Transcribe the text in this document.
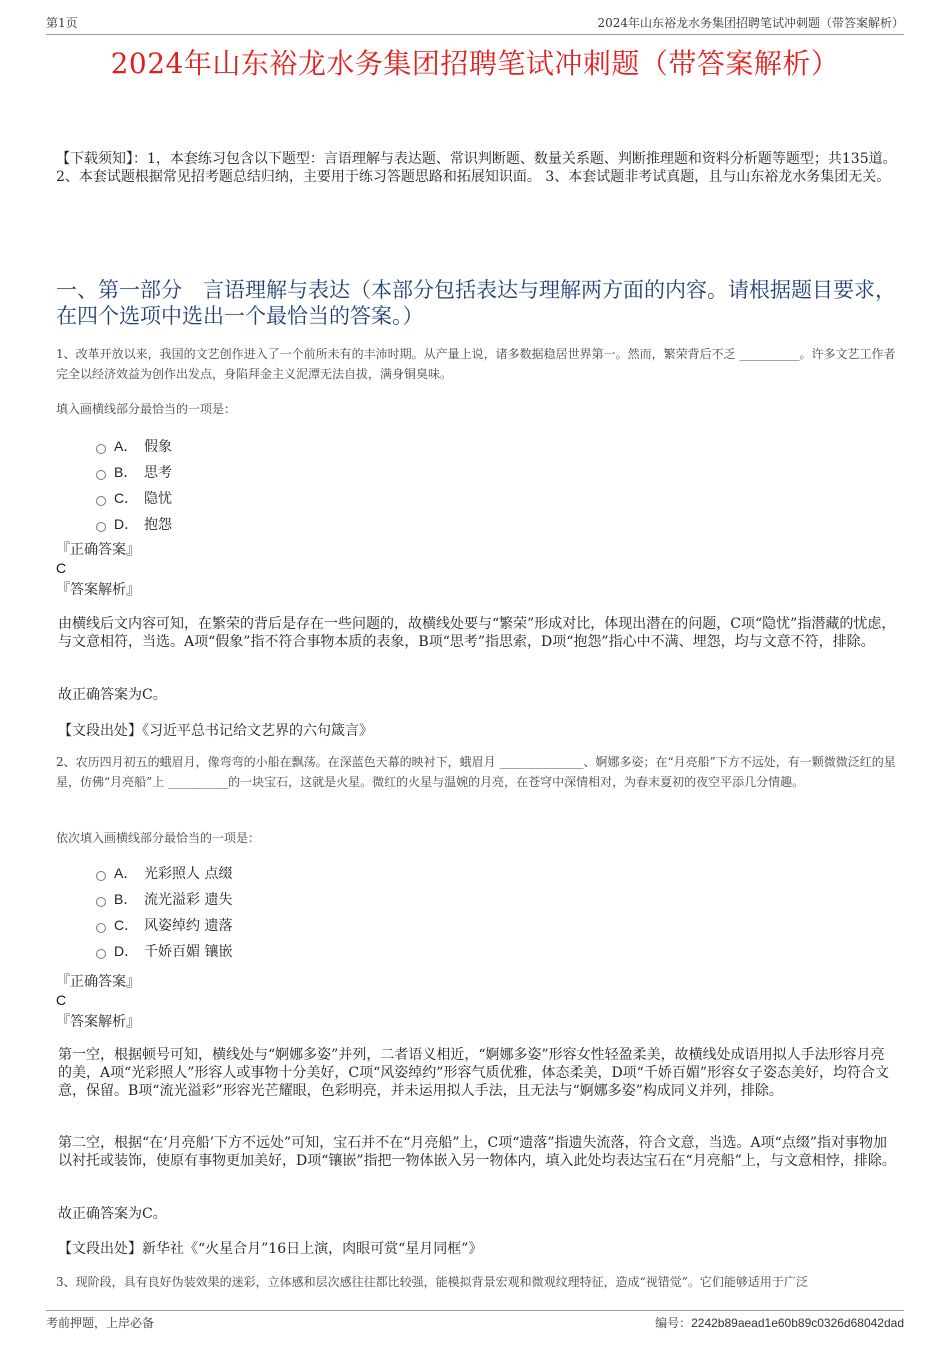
第1页	2024年山东裕龙水务集团招聘笔试冲刺题（带答案解析）
2024年山东裕龙水务集团招聘笔试冲刺题（带答案解析）
【下载须知】：1，本套练习包含以下题型：言语理解与表达题、常识判断题、数量关系题、判断推理题和资料分析题等题型；共135道。 2、本套试题根据常见招考题总结归纳，主要用于练习答题思路和拓展知识面。 3、本套试题非考试真题，且与山东裕龙水务集团无关。
一、第一部分　言语理解与表达（本部分包括表达与理解两方面的内容。请根据题目要求，在四个选项中选出一个最恰当的答案。）
1、改革开放以来，我国的文艺创作进入了一个前所未有的丰沛时期。从产量上说，诸多数据稳居世界第一。然而，繁荣背后不乏 __________。许多文艺工作者完全以经济效益为创作出发点，身陷拜金主义泥潭无法自拔，满身铜臭味。
填入画横线部分最恰当的一项是：
A． 假象
B． 思考
C． 隐忧
D． 抱怨
『正确答案』
C
『答案解析』
由横线后文内容可知，在繁荣的背后是存在一些问题的，故横线处要与“繁荣”形成对比，体现出潜在的问题，C项“隐忧”指潜藏的忧虑，与文意相符，当选。A项“假象”指不符合事物本质的表象，B项“思考”指思索，D项“抱怨”指心中不满、埋怨，均与文意不符，排除。
故正确答案为C。
【文段出处】《习近平总书记给文艺界的六句箴言》
2、农历四月初五的蛾眉月，像弯弯的小船在飘荡。在深蓝色天幕的映衬下，蛾眉月 ______________、婀娜多姿；在“月亮船”下方不远处，有一颗微微泛红的星星，仿佛“月亮船”上 __________的一块宝石，这就是火星。微红的火星与温婉的月亮，在苍穹中深情相对，为春末夏初的夜空平添几分情趣。
依次填入画横线部分最恰当的一项是：
A． 光彩照人 点缀
B． 流光溢彩 遗失
C． 风姿绰约 遗落
D． 千娇百媚 镶嵌
『正确答案』
C
『答案解析』
第一空，根据顿号可知，横线处与“婀娜多姿”并列，二者语义相近，“婀娜多姿”形容女性轻盈柔美，故横线处成语用拟人手法形容月亮的美，A项“光彩照人”形容人或事物十分美好，C项“风姿绰约”形容气质优雅，体态柔美，D项“千娇百媚”形容女子姿态美好，均符合文意，保留。B项“流光溢彩”形容光芒耀眼，色彩明亮，并未运用拟人手法，且无法与“婀娜多姿”构成同义并列，排除。
第二空，根据“在‘月亮船’下方不远处”可知，宝石并不在“月亮船”上，C项“遗落”指遗失流落，符合文意，当选。A项“点缀”指对事物加以衬托或装饰，使原有事物更加美好，D项“镶嵌”指把一物体嵌入另一物体内，填入此处均表达宝石在“月亮船”上，与文意相悖，排除。
故正确答案为C。
【文段出处】新华社《“火星合月”16日上演，肉眼可赏“星月同框”》
3、现阶段，具有良好伪装效果的迷彩，立体感和层次感往往都比较强，能模拟背景宏观和微观纹理特征，造成“视错觉”。它们能够适用于广泛
考前押题，上岸必备	编号：2242b89aead1e60b89c0326d68042dad
